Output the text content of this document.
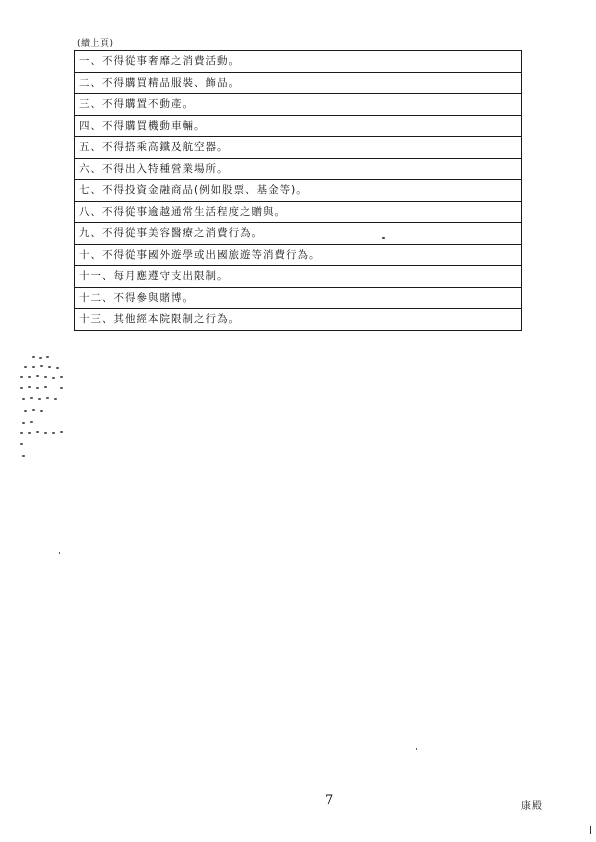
(續上頁)
一、不得從事奢靡之消費活動。
二、不得購買精品服裝、飾品。
三、不得購置不動產。
四、不得購買機動車輛。
五、不得搭乘高鐵及航空器。
六、不得出入特種營業場所。
七、不得投資金融商品(例如股票、基金等)。
八、不得從事逾越通常生活程度之贈與。
九、不得從事美容醫療之消費行為。
十、不得從事國外遊學或出國旅遊等消費行為。
十一、每月應遵守支出限制。
十二、不得參與賭博。
十三、其他經本院限制之行為。
7	康殿
